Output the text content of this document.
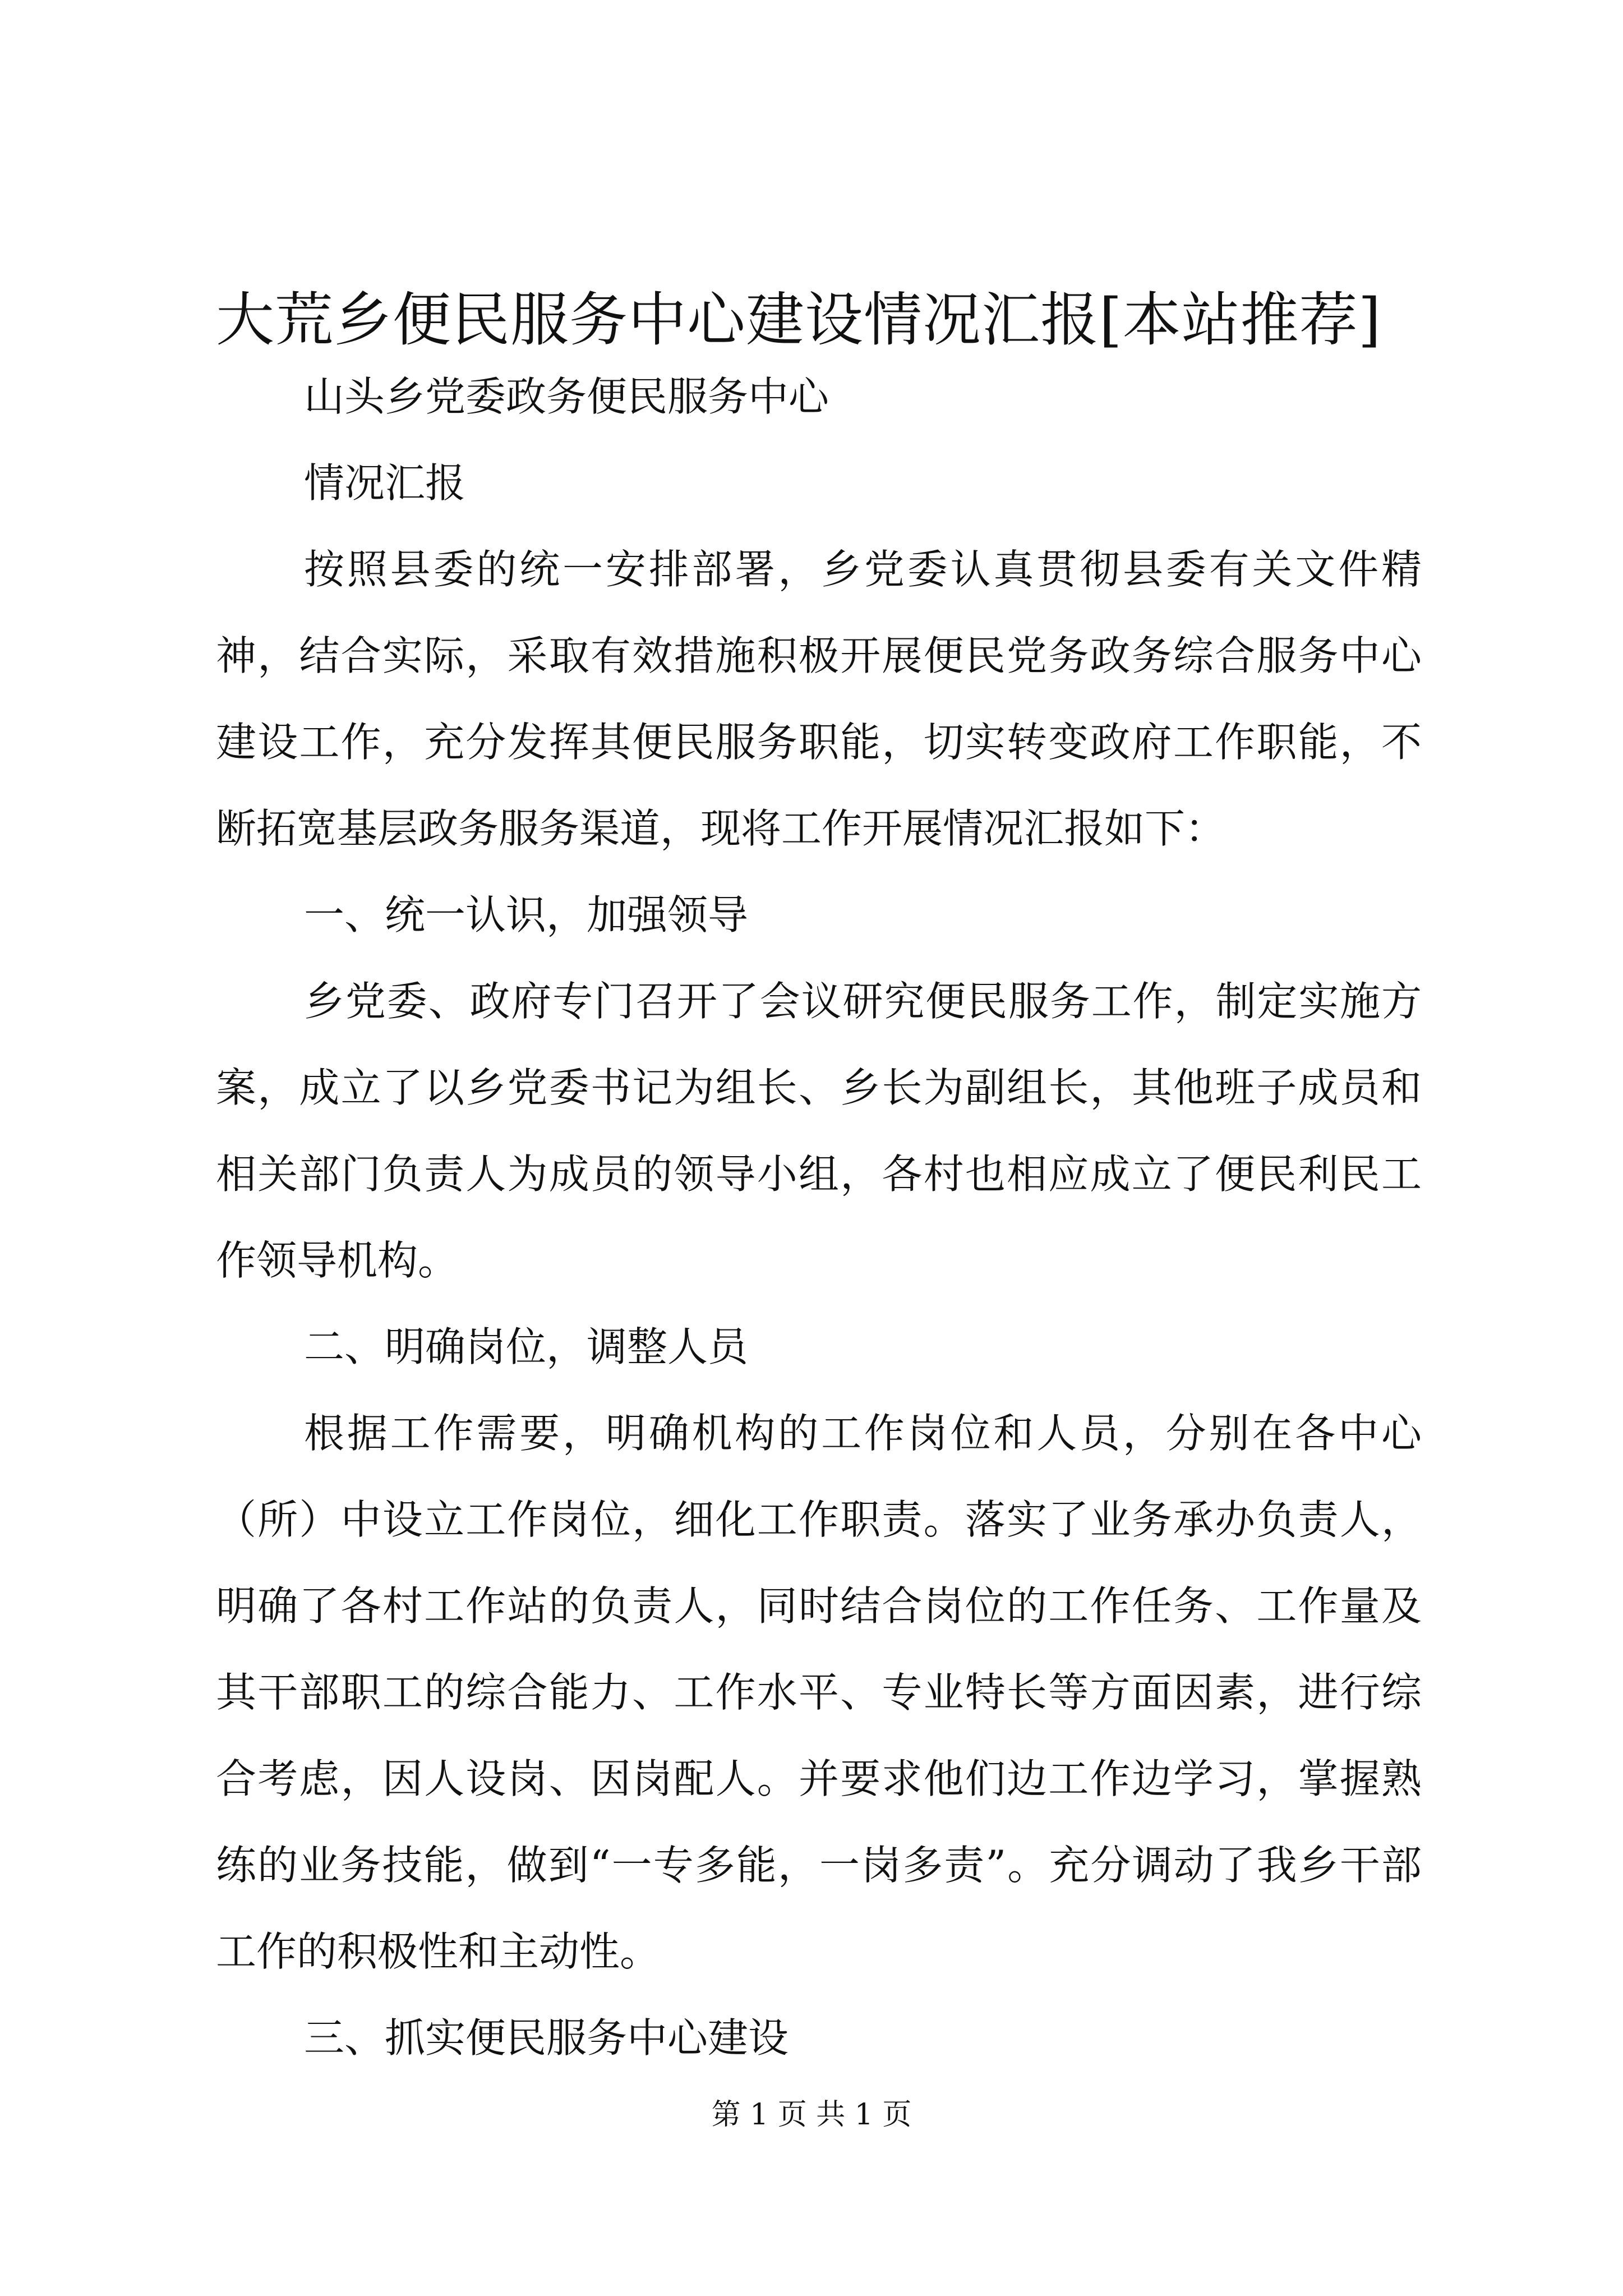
大荒乡便民服务中心建设情况汇报[本站推荐]

山头乡党委政务便民服务中心

情况汇报

按照县委的统一安排部署，乡党委认真贯彻县委有关文件精神，结合实际，采取有效措施积极开展便民党务政务综合服务中心建设工作，充分发挥其便民服务职能，切实转变政府工作职能，不断拓宽基层政务服务渠道，现将工作开展情况汇报如下：

一、统一认识，加强领导

乡党委、政府专门召开了会议研究便民服务工作，制定实施方案，成立了以乡党委书记为组长、乡长为副组长，其他班子成员和相关部门负责人为成员的领导小组，各村也相应成立了便民利民工作领导机构。

二、明确岗位，调整人员

根据工作需要，明确机构的工作岗位和人员，分别在各中心（所）中设立工作岗位，细化工作职责。落实了业务承办负责人，明确了各村工作站的负责人，同时结合岗位的工作任务、工作量及其干部职工的综合能力、工作水平、专业特长等方面因素，进行综合考虑，因人设岗、因岗配人。并要求他们边工作边学习，掌握熟练的业务技能，做到“一专多能，一岗多责”。充分调动了我乡干部工作的积极性和主动性。

三、抓实便民服务中心建设

第 1 页 共 1 页
